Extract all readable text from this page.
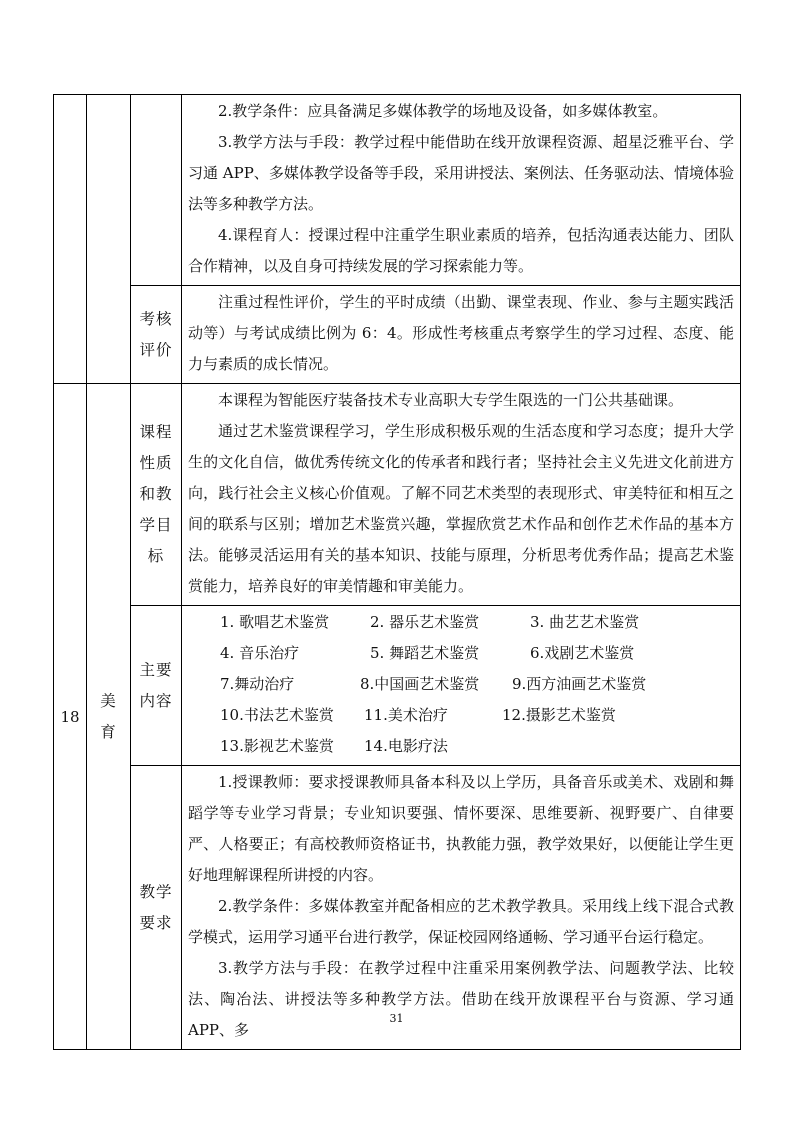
			2.教学条件：应具备满足多媒体教学的场地及设备，如多媒体教室。

3.教学方法与手段：教学过程中能借助在线开放课程资源、超星泛雅平台、学习通 APP、多媒体教学设备等手段，采用讲授法、案例法、任务驱动法、情境体验法等多种教学方法。

4.课程育人：授课过程中注重学生职业素质的培养，包括沟通表达能力、团队合作精神，以及自身可持续发展的学习探索能力等。

		考核评价	注重过程性评价，学生的平时成绩（出勤、课堂表现、作业、参与主题实践活动等）与考试成绩比例为 6：4。形成性考核重点考察学生的学习过程、态度、能力与素质的成长情况。

18	美育	课程性质和教学目标	本课程为智能医疗装备技术专业高职大专学生限选的一门公共基础课。

通过艺术鉴赏课程学习，学生形成积极乐观的生活态度和学习态度；提升大学生的文化自信，做优秀传统文化的传承者和践行者；坚持社会主义先进文化前进方向，践行社会主义核心价值观。了解不同艺术类型的表现形式、审美特征和相互之间的联系与区别；增加艺术鉴赏兴趣，掌握欣赏艺术作品和创作艺术作品的基本方法。能够灵活运用有关的基本知识、技能与原理，分析思考优秀作品；提高艺术鉴赏能力，培养良好的审美情趣和审美能力。

		主要内容	1. 歌唱艺术鉴赏 2. 器乐艺术鉴赏 3. 曲艺艺术鉴赏
4. 音乐治疗 5. 舞蹈艺术鉴赏 6.戏剧艺术鉴赏
7.舞动治疗 8.中国画艺术鉴赏 9.西方油画艺术鉴赏
10.书法艺术鉴赏 11.美术治疗 12.摄影艺术鉴赏
13.影视艺术鉴赏 14.电影疗法

		教学要求	1.授课教师：要求授课教师具备本科及以上学历，具备音乐或美术、戏剧和舞蹈学等专业学习背景；专业知识要强、情怀要深、思维要新、视野要广、自律要严、人格要正；有高校教师资格证书，执教能力强，教学效果好，以便能让学生更好地理解课程所讲授的内容。

2.教学条件：多媒体教室并配备相应的艺术教学教具。采用线上线下混合式教学模式，运用学习通平台进行教学，保证校园网络通畅、学习通平台运行稳定。

3.教学方法与手段：在教学过程中注重采用案例教学法、问题教学法、比较法、陶冶法、讲授法等多种教学方法。借助在线开放课程平台与资源、学习通 APP、多

31
